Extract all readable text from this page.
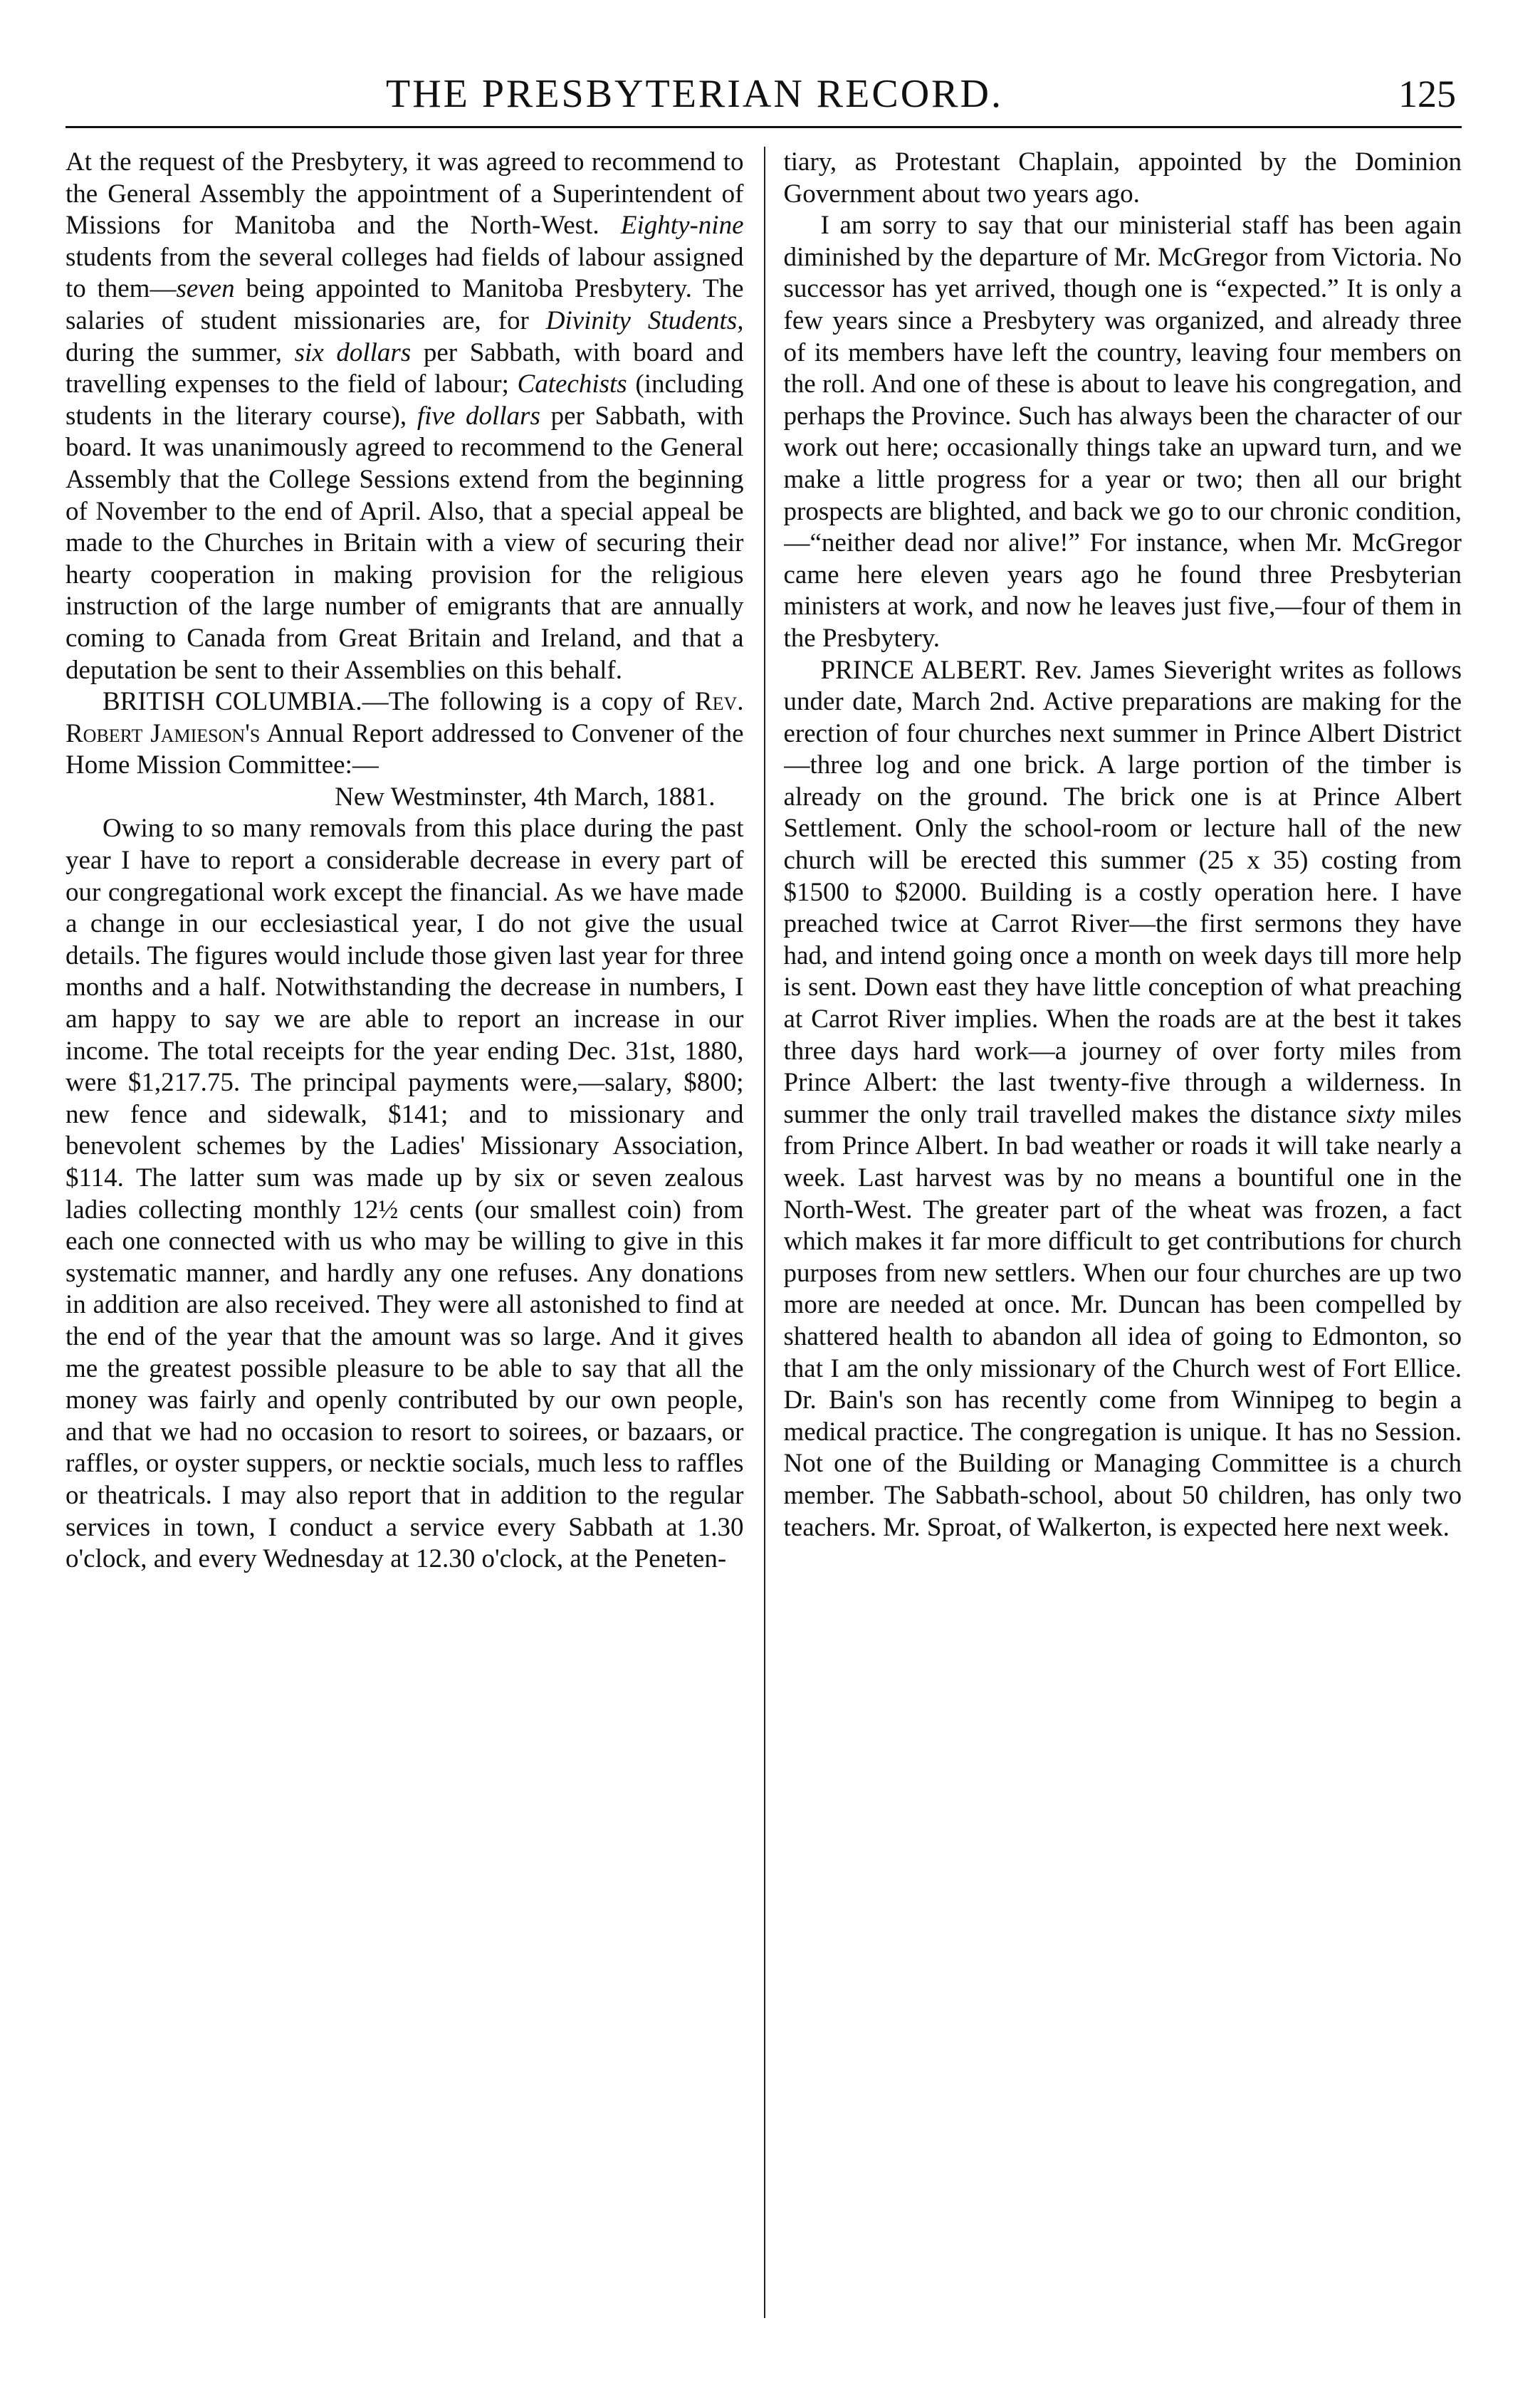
THE PRESBYTERIAN RECORD.	125

At the request of the Presbytery, it was agreed to recommend to the General Assembly the appointment of a Superintendent of Missions for Manitoba and the North-West. Eighty-nine students from the several colleges had fields of labour assigned to them—seven being appointed to Manitoba Presbytery. The salaries of student missionaries are, for Divinity Students, during the summer, six dollars per Sabbath, with board and travelling expenses to the field of labour; Catechists (including students in the literary course), five dollars per Sabbath, with board. It was unanimously agreed to recommend to the General Assembly that the College Sessions extend from the beginning of November to the end of April. Also, that a special appeal be made to the Churches in Britain with a view of securing their hearty cooperation in making provision for the religious instruction of the large number of emigrants that are annually coming to Canada from Great Britain and Ireland, and that a deputation be sent to their Assemblies on this behalf.

BRITISH COLUMBIA.—The following is a copy of Rev. Robert Jamieson's Annual Report addressed to Convener of the Home Mission Committee:—

New Westminster, 4th March, 1881.

Owing to so many removals from this place during the past year I have to report a considerable decrease in every part of our congregational work except the financial. As we have made a change in our ecclesiastical year, I do not give the usual details. The figures would include those given last year for three months and a half. Notwithstanding the decrease in numbers, I am happy to say we are able to report an increase in our income. The total receipts for the year ending Dec. 31st, 1880, were $1,217.75. The principal payments were,—salary, $800; new fence and sidewalk, $141; and to missionary and benevolent schemes by the Ladies' Missionary Association, $114. The latter sum was made up by six or seven zealous ladies collecting monthly 12½ cents (our smallest coin) from each one connected with us who may be willing to give in this systematic manner, and hardly any one refuses. Any donations in addition are also received. They were all astonished to find at the end of the year that the amount was so large. And it gives me the greatest possible pleasure to be able to say that all the money was fairly and openly contributed by our own people, and that we had no occasion to resort to soirees, or bazaars, or raffles, or oyster suppers, or necktie socials, much less to raffles or theatricals. I may also report that in addition to the regular services in town, I conduct a service every Sabbath at 1.30 o'clock, and every Wednesday at 12.30 o'clock, at the Peneten-

tiary, as Protestant Chaplain, appointed by the Dominion Government about two years ago.

I am sorry to say that our ministerial staff has been again diminished by the departure of Mr. McGregor from Victoria. No successor has yet arrived, though one is “expected.” It is only a few years since a Presbytery was organized, and already three of its members have left the country, leaving four members on the roll. And one of these is about to leave his congregation, and perhaps the Province. Such has always been the character of our work out here; occasionally things take an upward turn, and we make a little progress for a year or two; then all our bright prospects are blighted, and back we go to our chronic condition,—“neither dead nor alive!” For instance, when Mr. McGregor came here eleven years ago he found three Presbyterian ministers at work, and now he leaves just five,—four of them in the Presbytery.

PRINCE ALBERT. Rev. James Sieveright writes as follows under date, March 2nd. Active preparations are making for the erection of four churches next summer in Prince Albert District—three log and one brick. A large portion of the timber is already on the ground. The brick one is at Prince Albert Settlement. Only the school-room or lecture hall of the new church will be erected this summer (25 x 35) costing from $1500 to $2000. Building is a costly operation here. I have preached twice at Carrot River—the first sermons they have had, and intend going once a month on week days till more help is sent. Down east they have little conception of what preaching at Carrot River implies. When the roads are at the best it takes three days hard work—a journey of over forty miles from Prince Albert: the last twenty-five through a wilderness. In summer the only trail travelled makes the distance sixty miles from Prince Albert. In bad weather or roads it will take nearly a week. Last harvest was by no means a bountiful one in the North-West. The greater part of the wheat was frozen, a fact which makes it far more difficult to get contributions for church purposes from new settlers. When our four churches are up two more are needed at once. Mr. Duncan has been compelled by shattered health to abandon all idea of going to Edmonton, so that I am the only missionary of the Church west of Fort Ellice. Dr. Bain's son has recently come from Winnipeg to begin a medical practice. The congregation is unique. It has no Session. Not one of the Building or Managing Committee is a church member. The Sabbath-school, about 50 children, has only two teachers. Mr. Sproat, of Walkerton, is expected here next week.
